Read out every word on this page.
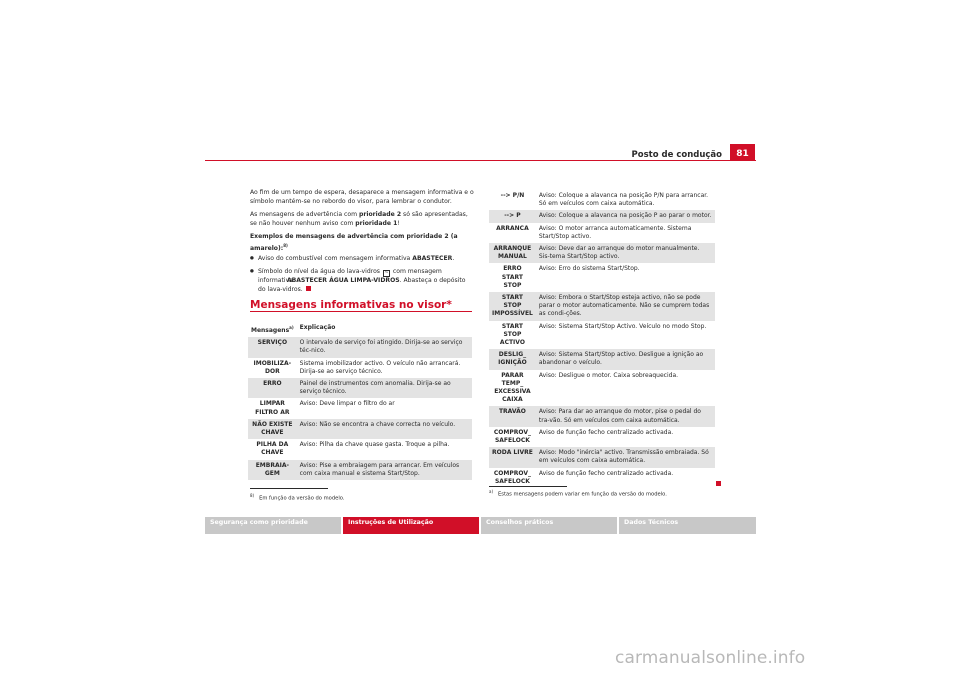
Posto de condução	81

Ao fim de um tempo de espera, desaparece a mensagem informativa e o símbolo mantém-se no rebordo do visor, para lembrar o condutor.

As mensagens de advertência com prioridade 2 só são apresentadas, se não houver nenhum aviso com prioridade 1!

Exemplos de mensagens de advertência com prioridade 2 (a amarelo):$^{8)}$

● Aviso do combustível com mensagem informativa ABASTECER.

● Símbolo do nível da água do lava-vidros ~ com mensagem informativa ABASTECER ÁGUA LIMPA-VIDROS. Abasteça o depósito do lava-vidros.

Mensagens informativas no visor*
Mensagens$^{a)}$	Explicação
SERVIÇO	O intervalo de serviço foi atingido. Dirija-se ao serviço téc-nico.
IMOBILIZA-DOR	Sistema imobilizador activo. O veículo não arrancará. Dirija-se ao serviço técnico.
ERRO	Painel de instrumentos com anomalia. Dirija-se ao serviço técnico.
LIMPAR FILTRO AR	Aviso: Deve limpar o filtro do ar
NÃO EXISTE CHAVE	Aviso: Não se encontra a chave correcta no veículo.
PILHA DA CHAVE	Aviso: Pilha da chave quase gasta. Troque a pilha.
EMBRAIA-GEM	Aviso: Pise a embraiagem para arrancar. Em veículos com caixa manual e sistema Start/Stop.
$^{8)}$   Em função da versão do modelo.
--> P/N	Aviso: Coloque a alavanca na posição P/N para arrancar. Só em veículos com caixa automática.
--> P	Aviso: Coloque a alavanca na posição P ao parar o motor.
ARRANCA	Aviso: O motor arranca automaticamente. Sistema Start/Stop activo.
ARRANQUE MANUAL	Aviso: Deve dar ao arranque do motor manualmente. Sis-tema Start/Stop activo.
ERRO START STOP	Aviso: Erro do sistema Start/Stop.
START STOP IMPOSSÍVEL	Aviso: Embora o Start/Stop esteja activo, não se pode parar o motor automaticamente. Não se cumprem todas as condi-ções.
START STOP ACTIVO	Aviso: Sistema Start/Stop Activo. Veículo no modo Stop.
DESLIG_ IGNIÇÃO	Aviso: Sistema Start/Stop activo. Desligue a ignição ao abandonar o veículo.
PARAR TEMP_ EXCESSIVA CAIXA	Aviso: Desligue o motor. Caixa sobreaquecida.
TRAVÃO	Aviso: Para dar ao arranque do motor, pise o pedal do tra-vão. Só em veículos com caixa automática.
COMPROV_ SAFELOCK	Aviso de função fecho centralizado activada.
RODA LIVRE	Aviso: Modo "inércia" activo. Transmissão embraiada. Só em veículos com caixa automática.
COMPROV_ SAFELOCK	Aviso de função fecho centralizado activada.
$^{a)}$   Estas mensagens podem variar em função da versão do modelo.
Segurança como prioridade	Instruções de Utilização	Conselhos práticos	Dados Técnicos
carmanualsonline.info
